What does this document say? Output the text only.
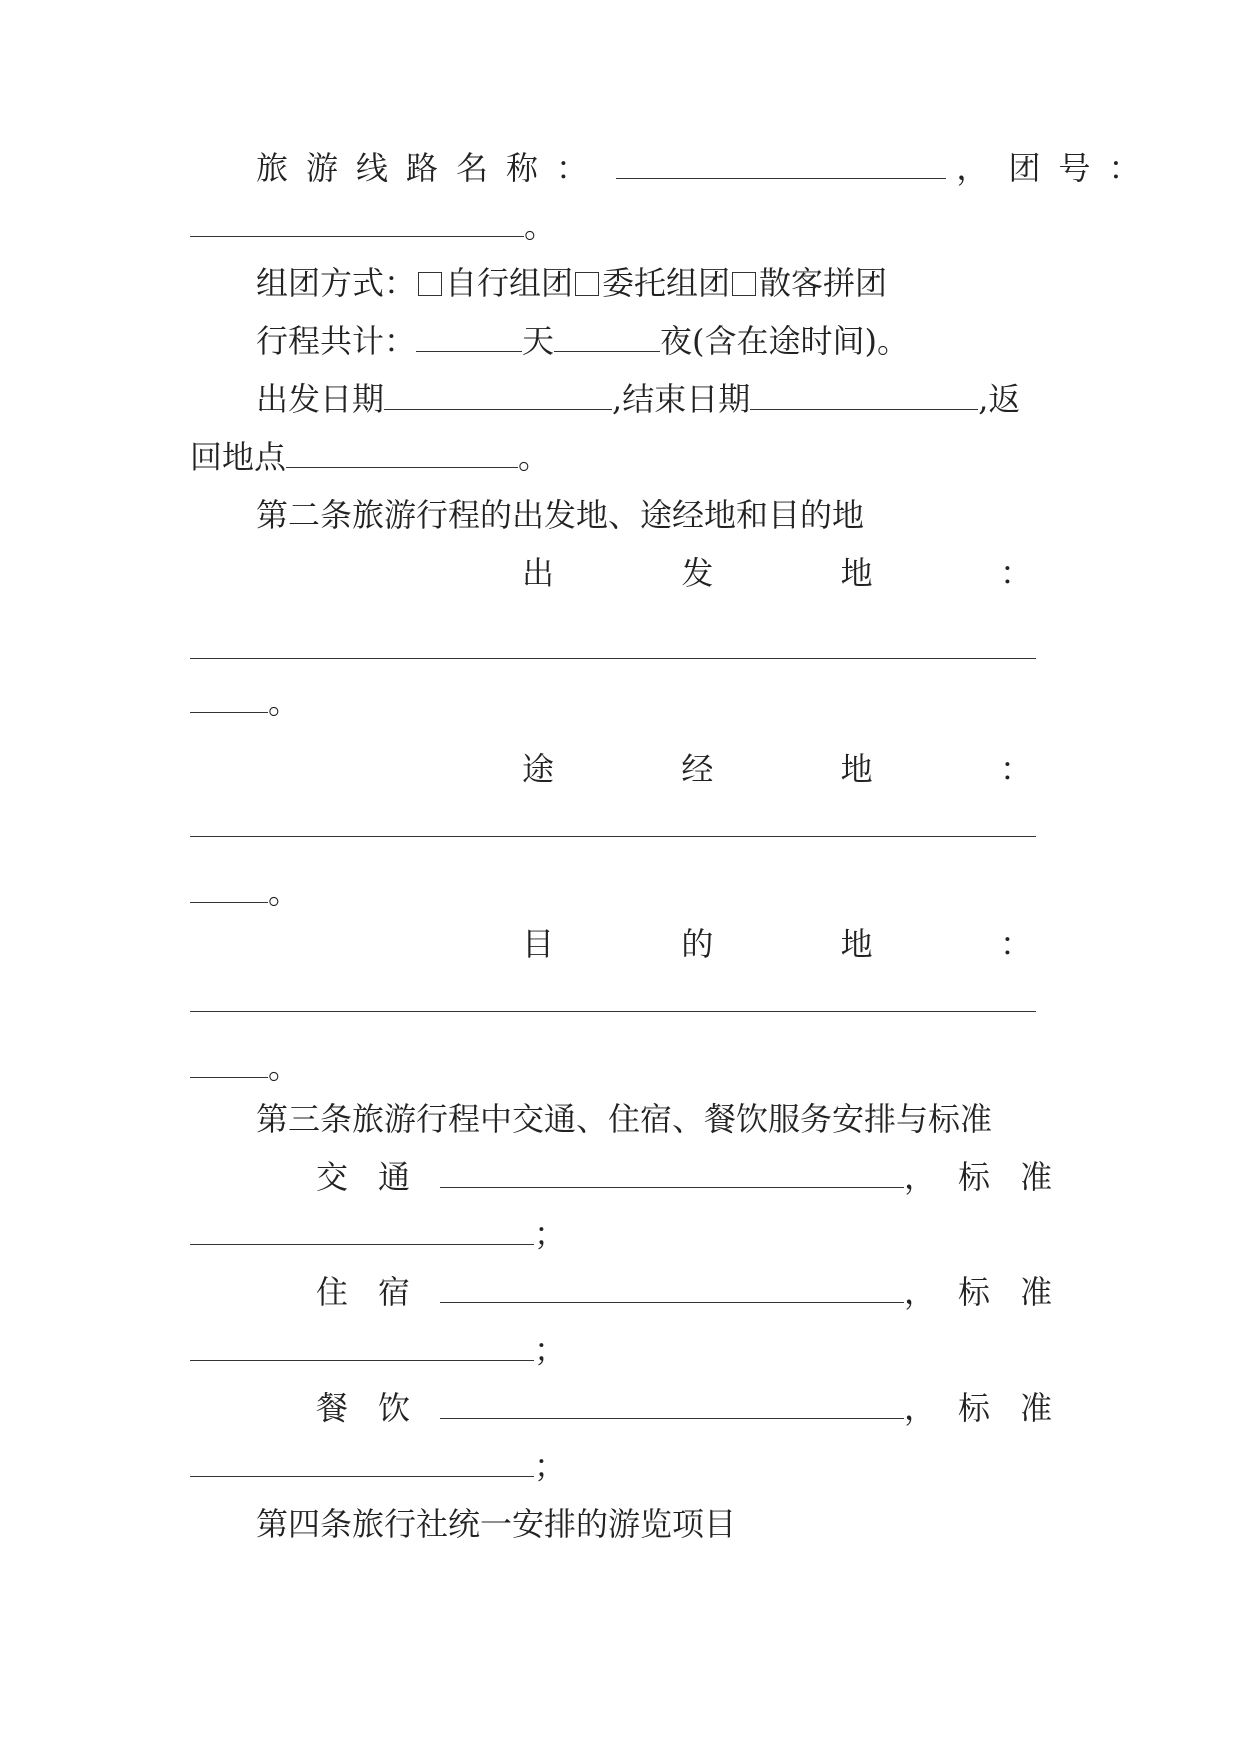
旅游线路名称：	， 团号：
。
组团方式： 自行组团 委托组团 散客拼团
行程共计：	天	夜(含在途时间)。
出发日期	,结束日期	,返
回地点	。
第二条旅游行程的出发地、途经地和目的地
出	发	地	：
。
途	经	地	：
。
目	的	地	：
。
第三条旅游行程中交通、住宿、餐饮服务安排与标准
交通	， 标准
；
住宿	， 标准
；
餐饮	， 标准
；
第四条旅行社统一安排的游览项目
